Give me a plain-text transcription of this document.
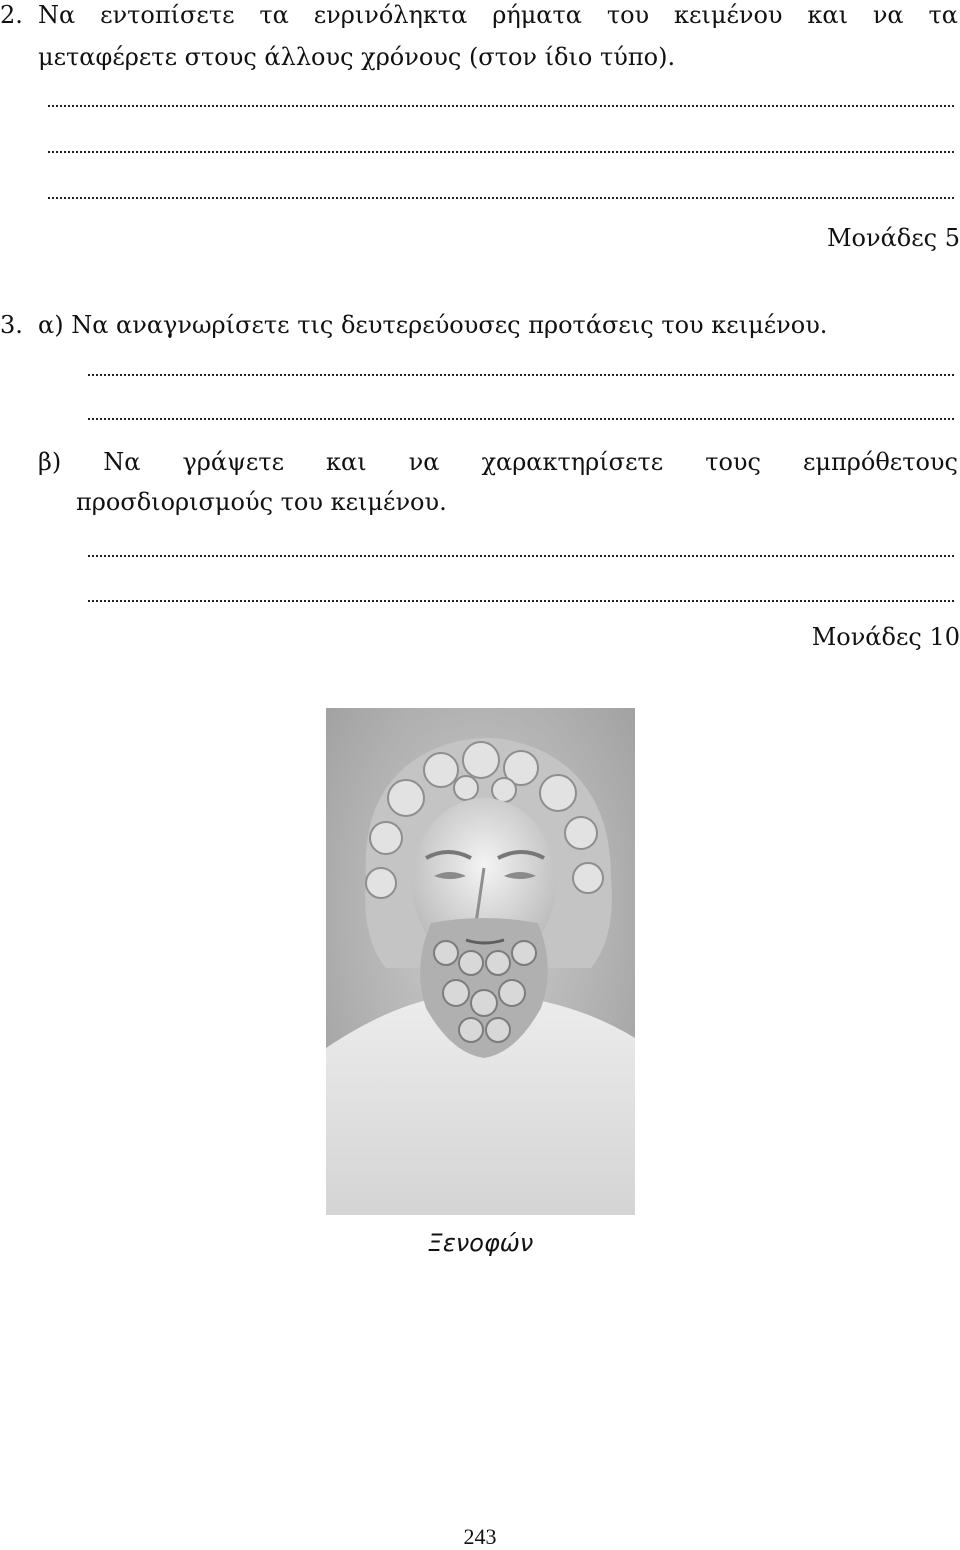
2. Να εντοπίσετε τα ενρινόληκτα ρήματα του κειμένου και να τα
μεταφέρετε στους άλλους χρόνους (στον ίδιο τύπο).
Μονάδες 5
3. α) Να αναγνωρίσετε τις δευτερεύουσες προτάσεις του κειμένου.
β) Να γράψετε και να χαρακτηρίσετε τους εμπρόθετους
προσδιορισμούς του κειμένου.
Μονάδες 10
Ξενοφών
243
